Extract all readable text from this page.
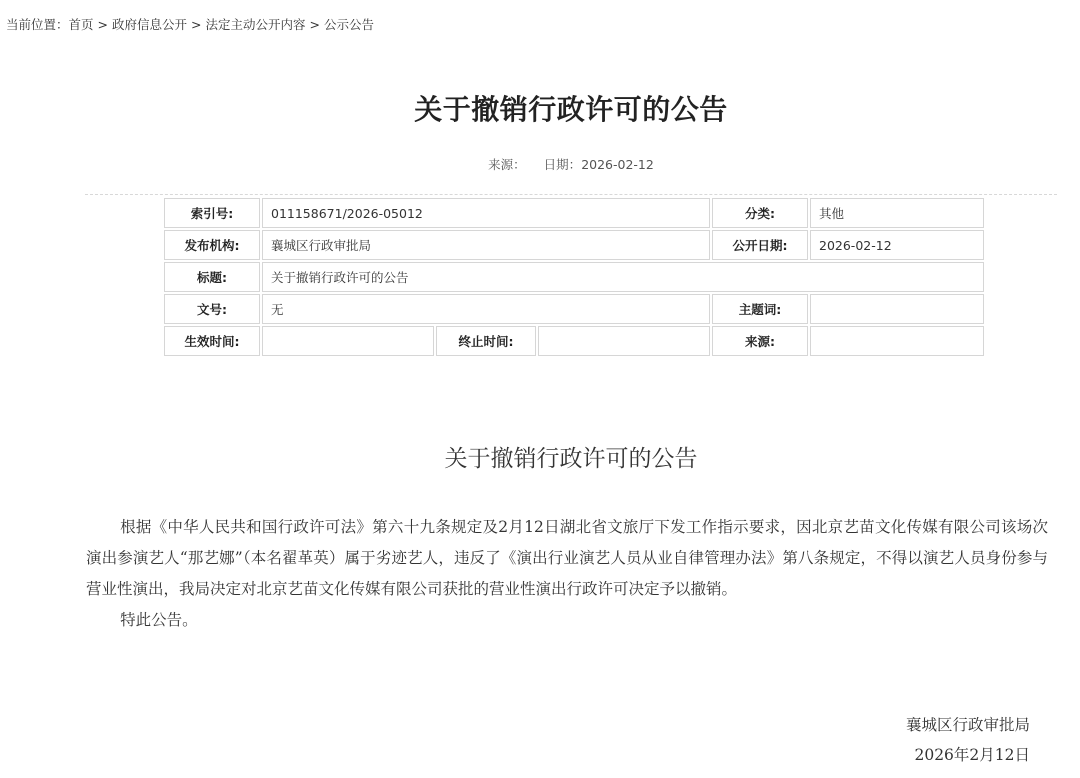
当前位置：首页 > 政府信息公开 > 法定主动公开内容 > 公示公告
关于撤销行政许可的公告
来源： 日期：2026-02-12
索引号:	011158671/2026-05012			分类:	其他
发布机构:	襄城区行政审批局			公开日期:	2026-02-12
标题:	关于撤销行政许可的公告				
文号:	无			主题词:	
生效时间:		终止时间:		来源:	
关于撤销行政许可的公告

根据《中华人民共和国行政许可法》第六十九条规定及2月12日湖北省文旅厅下发工作指示要求，因北京艺苗文化传媒有限公司该场次演出参演艺人“那艺娜”（本名翟革英）属于劣迹艺人，违反了《演出行业演艺人员从业自律管理办法》第八条规定，不得以演艺人员身份参与营业性演出，我局决定对北京艺苗文化传媒有限公司获批的营业性演出行政许可决定予以撤销。

特此公告。

襄城区行政审批局
2026年2月12日
